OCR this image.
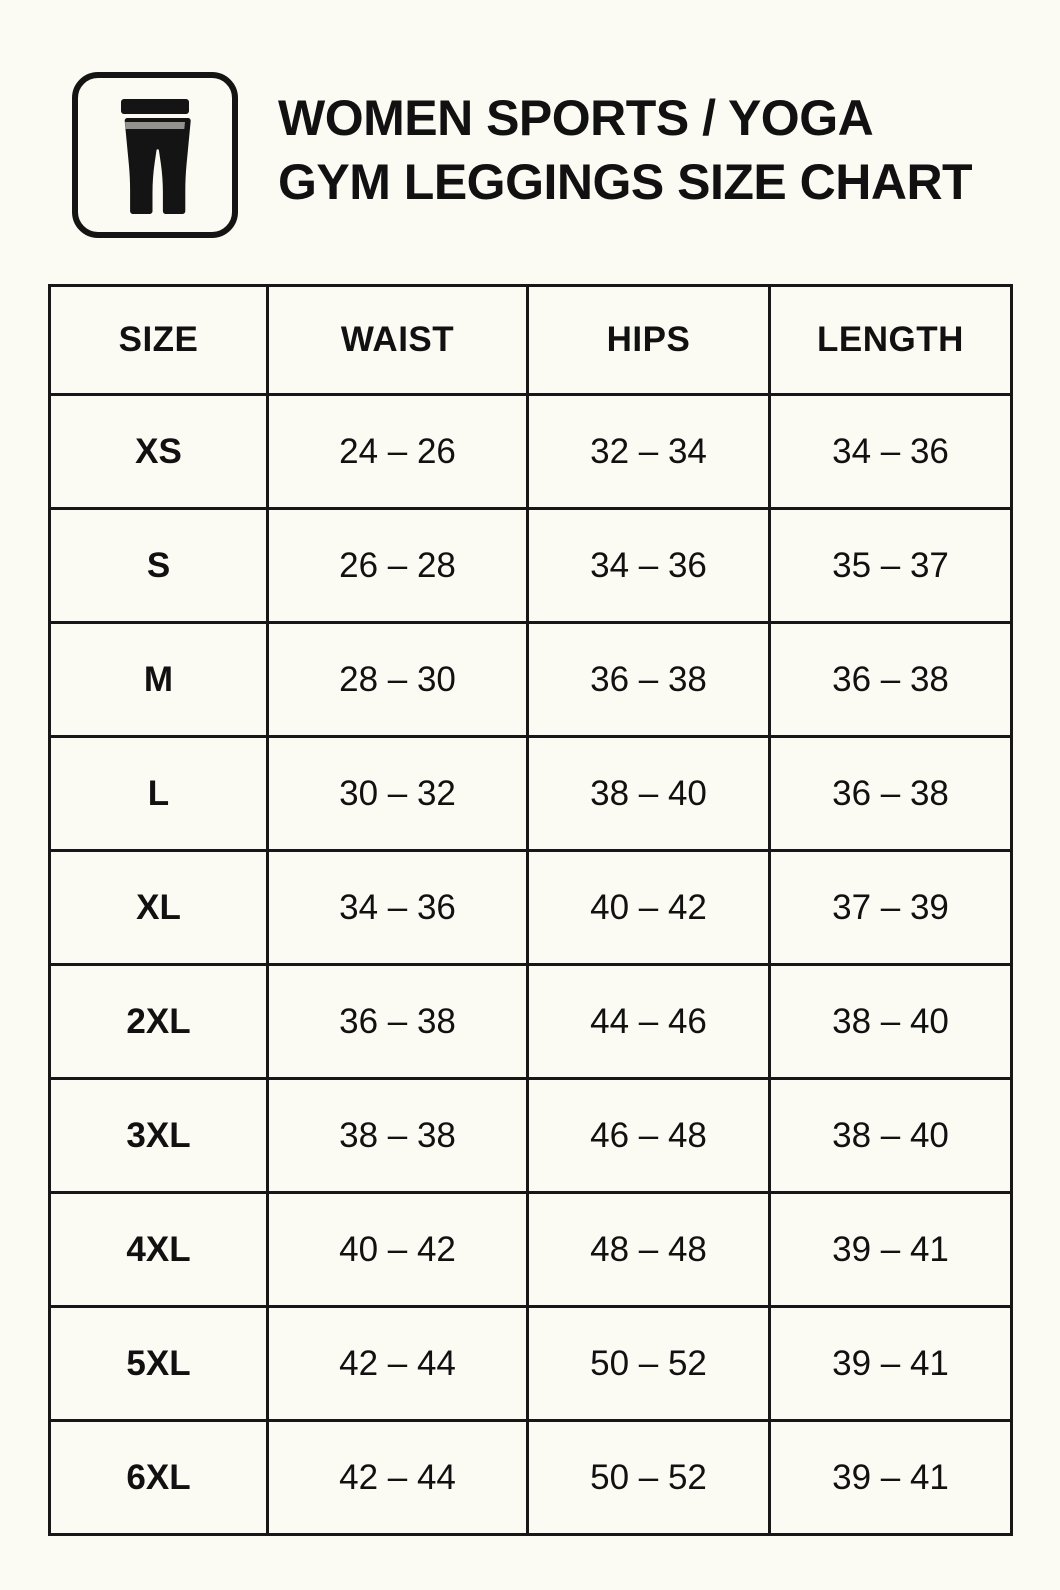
WOMEN SPORTS / YOGA
GYM LEGGINGS SIZE CHART
SIZE	WAIST	HIPS	LENGTH
XS	24 – 26	32 – 34	34 – 36
S	26 – 28	34 – 36	35 – 37
M	28 – 30	36 – 38	36 – 38
L	30 – 32	38 – 40	36 – 38
XL	34 – 36	40 – 42	37 – 39
2XL	36 – 38	44 – 46	38 – 40
3XL	38 – 38	46 – 48	38 – 40
4XL	40 – 42	48 – 48	39 – 41
5XL	42 – 44	50 – 52	39 – 41
6XL	42 – 44	50 – 52	39 – 41
